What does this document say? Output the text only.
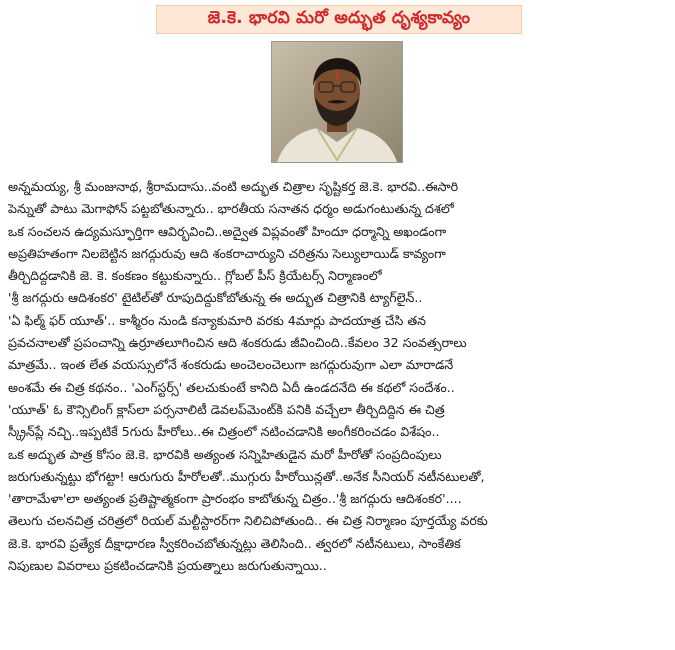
జె.కె. భారవి మరో అద్భుత దృశ్యకావ్యం
అన్నమయ్య, శ్రీ మంజునాథ, శ్రీరామదాసు..వంటి అద్భుత చిత్రాల సృష్టికర్త జె.కె. భారవి..ఈసారి
పెన్నుతో పాటు మెగాఫోన్ పట్టబోతున్నారు.. భారతీయ సనాతన ధర్మం అడుగంటుతున్న దశలో
ఒక సంచలన ఉద్యమస్ఫూర్తిగా ఆవిర్భవించి..అద్వైత విప్లవంతో హిందూ ధర్మాన్ని అఖండంగా
అప్రతిహతంగా నిలబెట్టిన జగద్గురువు ఆది శంకరాచార్యుని చరిత్రను సెల్యులాయిడ్ కావ్యంగా
తీర్చిదిద్దడానికి జె. కె. కంకణం కట్టుకున్నారు.. గ్లోబల్ పీస్ క్రియేటర్స్ నిర్మాణంలో
'శ్రీ జగద్గురు ఆదిశంకర' టైటిల్‌తో రూపుదిద్దుకోబోతున్న ఈ అద్భుత చిత్రానికి ట్యాగ్‌లైన్..
'ఏ ఫిల్మ్ ఫర్ యూత్'.. కాశ్మీరం నుండి కన్యాకుమారి వరకు 4మార్లు పాదయాత్ర చేసి తన
ప్రవచనాలతో ప్రపంచాన్ని ఉర్రూతలూగించిన ఆది శంకరుడు జీవించింది..కేవలం 32 సంవత్సరాలు
మాత్రమే.. ఇంత లేత వయస్సులోనే శంకరుడు అంచెలంచెలుగా జగద్గురువుగా ఎలా మారాడనే
అంశమే ఈ చిత్ర కథనం.. 'ఎంగ్‌స్టర్స్' తలచుకుంటే కానిది ఏదీ ఉండదనేది ఈ కథలో సందేశం..
'యూత్' ఓ కౌన్సిలింగ్ క్లాస్‌లా పర్సనాలిటీ డెవలప్‌మెంట్‌కి పనికి వచ్చేలా తీర్చిదిద్దిన ఈ చిత్ర
స్క్రీన్‌ప్లే నచ్చి..ఇప్పటికే 5గురు హీరోలు..ఈ చిత్రంలో నటించడానికి అంగీకరించడం విశేషం..
ఒక అద్భుత పాత్ర కోసం జె.కె. భారవికి అత్యంత సన్నిహితుడైన మరో హీరోతో సంప్రదింపులు
జరుగుతున్నట్టు భోగట్టా! ఆరుగురు హీరోలతో..ముగ్గురు హీరోయిన్లతో..అనేక సీనియర్ నటీనటులతో,
'తారామేళా'లా అత్యంత ప్రతిష్టాత్మకంగా ప్రారంభం కాబోతున్న చిత్రం..'శ్రీ జగద్గురు ఆదిశంకర'....
తెలుగు చలనచిత్ర చరిత్రలో రియల్ మల్టీస్టారర్‌గా నిలిచిపోతుంది.. ఈ చిత్ర నిర్మాణం పూర్తయ్యే వరకు
జె.కె. భారవి ప్రత్యేక దీక్షాధారణ స్వీకరించబోతున్నట్లు తెలిసింది.. త్వరలో నటీనటులు, సాంకేతిక
నిపుణుల వివరాలు ప్రకటించడానికి ప్రయత్నాలు జరుగుతున్నాయి..
